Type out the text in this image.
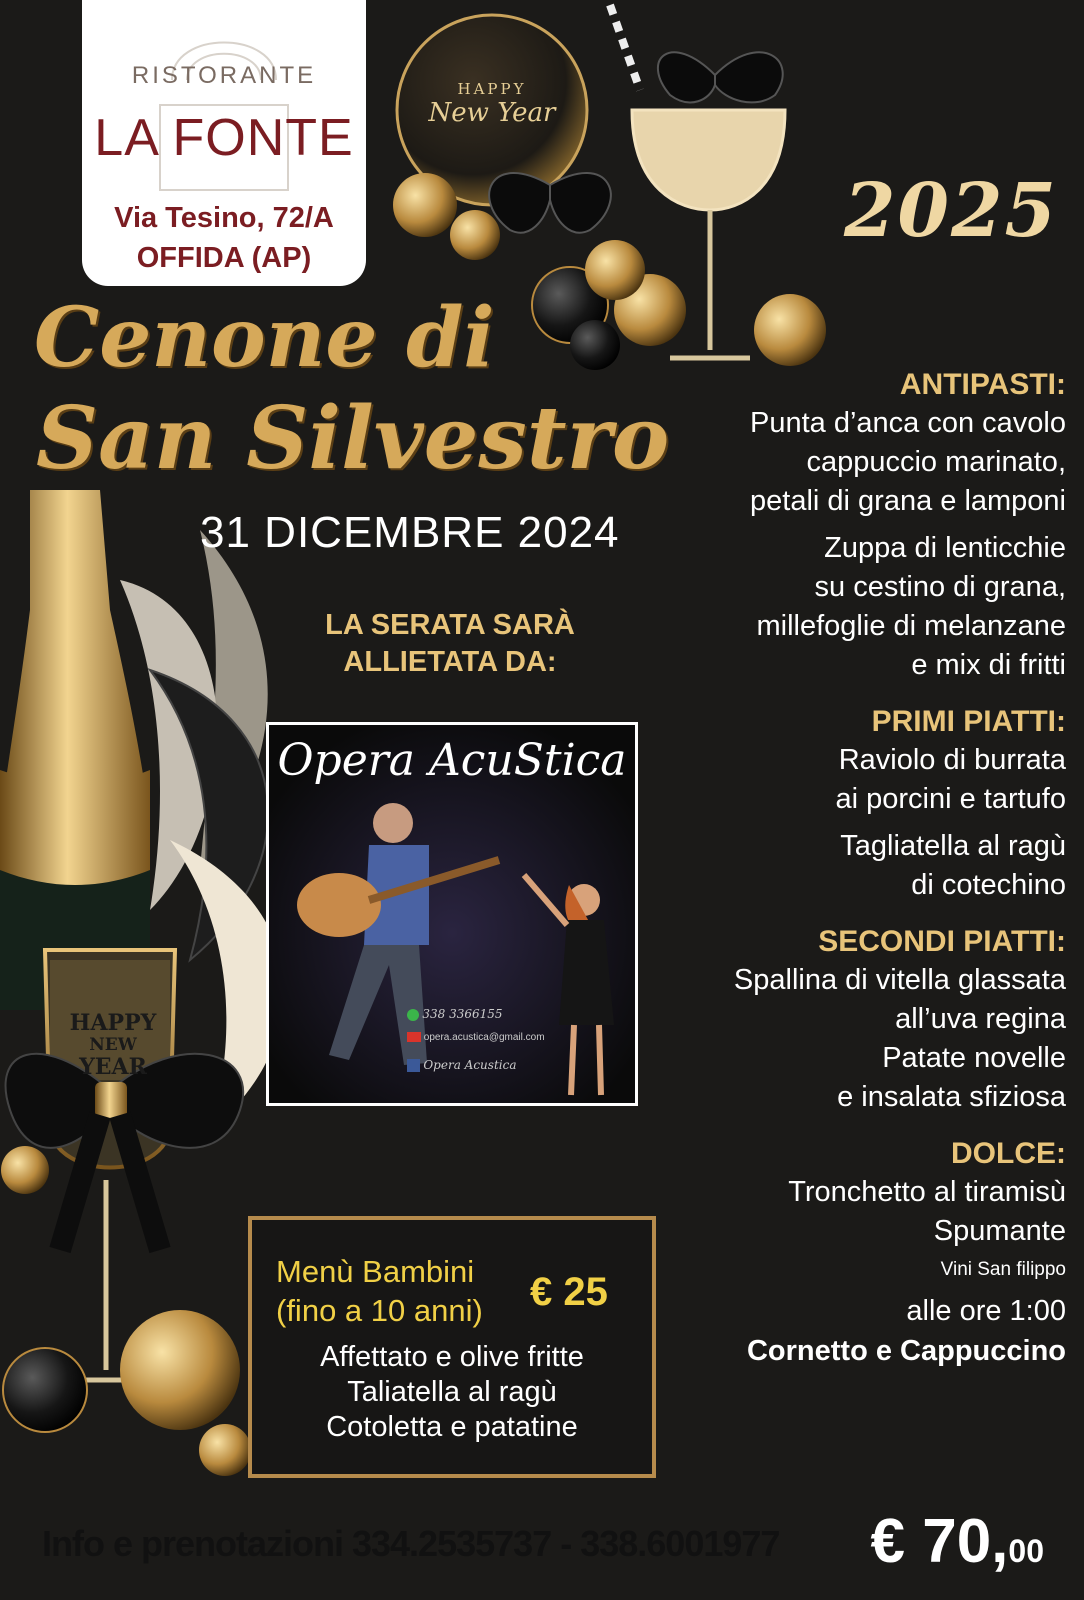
HAPPY
NEW
YEAR
HAPPY
New Year
RISTORANTE
LA FONTE
Via Tesino, 72/A
OFFIDA (AP)
2025
Cenone di
San Silvestro
31 DICEMBRE 2024
LA SERATA SARÀ
ALLIETATA DA:
Opera AcuStica
338 3366155
opera.acustica@gmail.com
Opera Acustica
ANTIPASTI:
Punta d’anca con cavolo
cappuccio marinato,
petali di grana e lamponi
Zuppa di lenticchie
su cestino di grana,
millefoglie di melanzane
e mix di fritti
PRIMI PIATTI:
Raviolo di burrata
ai porcini e tartufo
Tagliatella al ragù
di cotechino
SECONDI PIATTI:
Spallina di vitella glassata
all’uva regina
Patate novelle
e insalata sfiziosa
DOLCE:
Tronchetto al tiramisù
Spumante
Vini San filippo
alle ore 1:00
Cornetto e Cappuccino
Menù Bambini
(fino a 10 anni) € 25
Affettato e olive fritte
Taliatella al ragù
Cotoletta e patatine
Info e prenotazioni 334.2535737 - 338.6001977 € 70,00
